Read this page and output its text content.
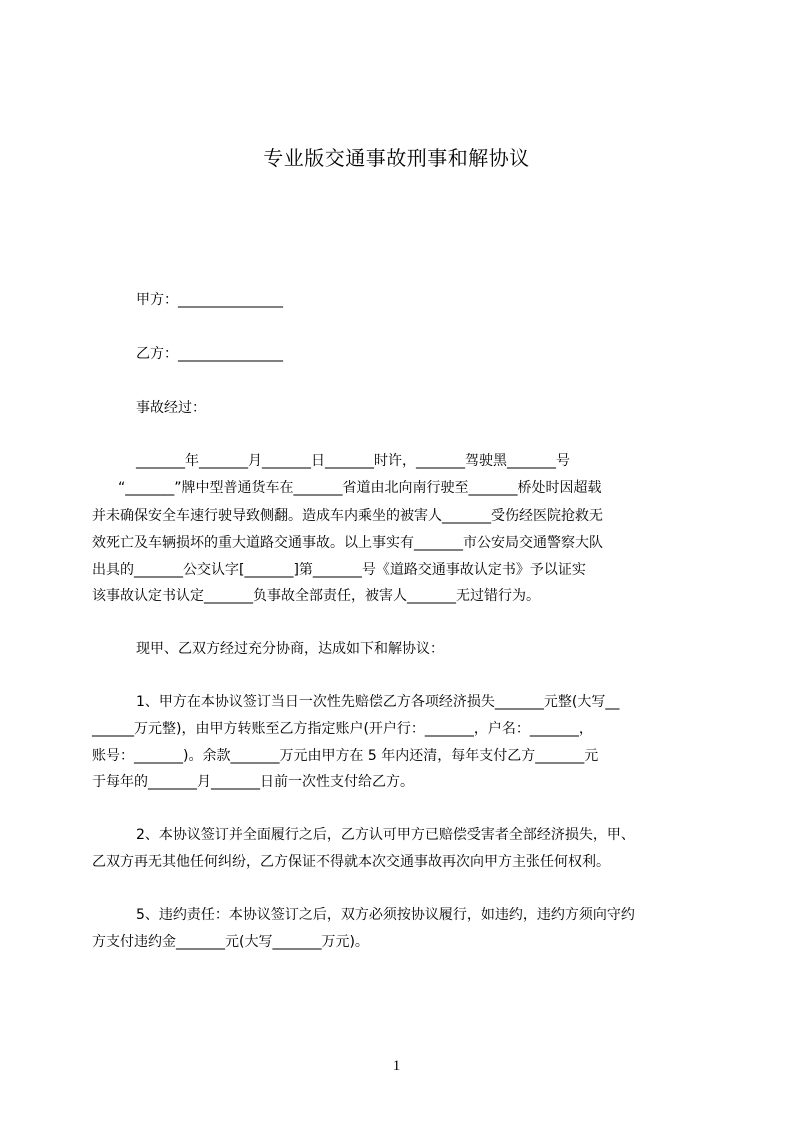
专业版交通事故刑事和解协议

甲方：_______________

乙方：_______________

事故经过：

_______年_______月_______日_______时许，_______驾驶黑_______号

“_______”牌中型普通货车在_______省道由北向南行驶至_______桥处时因超载

并未确保安全车速行驶导致侧翻。造成车内乘坐的被害人_______受伤经医院抢救无

效死亡及车辆损坏的重大道路交通事故。以上事实有_______市公安局交通警察大队

出具的_______公交认字[_______]第_______号《道路交通事故认定书》予以证实

该事故认定书认定_______负事故全部责任，被害人_______无过错行为。

现甲、乙双方经过充分协商，达成如下和解协议：

1、甲方在本协议签订当日一次性先赔偿乙方各项经济损失_______元整(大写__

______万元整)，由甲方转账至乙方指定账户(开户行：_______，户名：_______，

账号：_______)。余款_______万元由甲方在 5 年内还清，每年支付乙方_______元

于每年的_______月_______日前一次性支付给乙方。

2、本协议签订并全面履行之后，乙方认可甲方已赔偿受害者全部经济损失，甲、

乙双方再无其他任何纠纷，乙方保证不得就本次交通事故再次向甲方主张任何权利。

5、违约责任：本协议签订之后，双方必须按协议履行，如违约，违约方须向守约

方支付违约金_______元(大写_______万元)。

1
